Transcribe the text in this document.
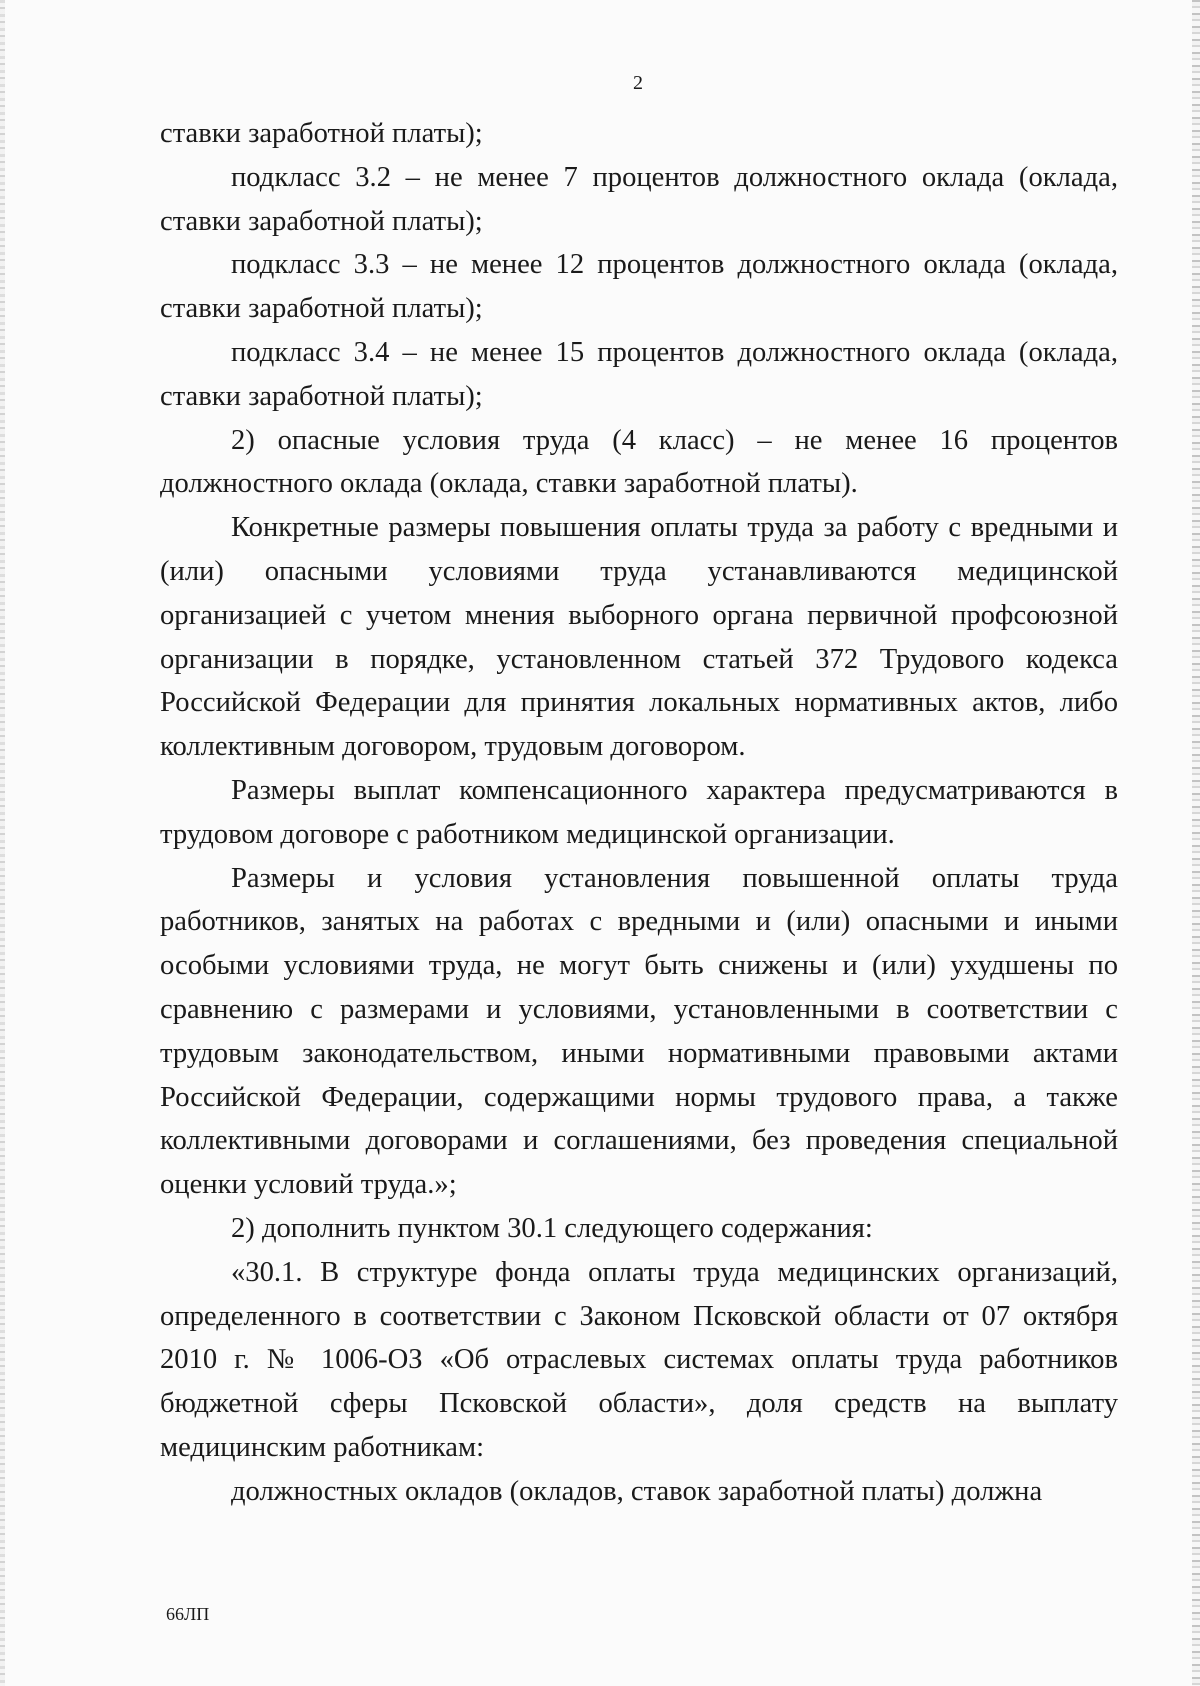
2

ставки заработной платы);

подкласс 3.2 – не менее 7 процентов должностного оклада (оклада, ставки заработной платы);

подкласс 3.3 – не менее 12 процентов должностного оклада (оклада, ставки заработной платы);

подкласс 3.4 – не менее 15 процентов должностного оклада (оклада, ставки заработной платы);

2) опасные условия труда (4 класс) – не менее 16 процентов должностного оклада (оклада, ставки заработной платы).

Конкретные размеры повышения оплаты труда за работу с вредными и (или) опасными условиями труда устанавливаются медицинской организацией с учетом мнения выборного органа первичной профсоюзной организации в порядке, установленном статьей 372 Трудового кодекса Российской Федерации для принятия локальных нормативных актов, либо коллективным договором, трудовым договором.

Размеры выплат компенсационного характера предусматриваются в трудовом договоре с работником медицинской организации.

Размеры и условия установления повышенной оплаты труда работников, занятых на работах с вредными и (или) опасными и иными особыми условиями труда, не могут быть снижены и (или) ухудшены по сравнению с размерами и условиями, установленными в соответствии с трудовым законодательством, иными нормативными правовыми актами Российской Федерации, содержащими нормы трудового права, а также коллективными договорами и соглашениями, без проведения специальной оценки условий труда.»;

2) дополнить пунктом 30.1 следующего содержания:

«30.1. В структуре фонда оплаты труда медицинских организаций, определенного в соответствии с Законом Псковской области от 07 октября 2010 г. № 1006-ОЗ «Об отраслевых системах оплаты труда работников бюджетной сферы Псковской области», доля средств на выплату медицинским работникам:

должностных окладов (окладов, ставок заработной платы) должна

66ЛП
